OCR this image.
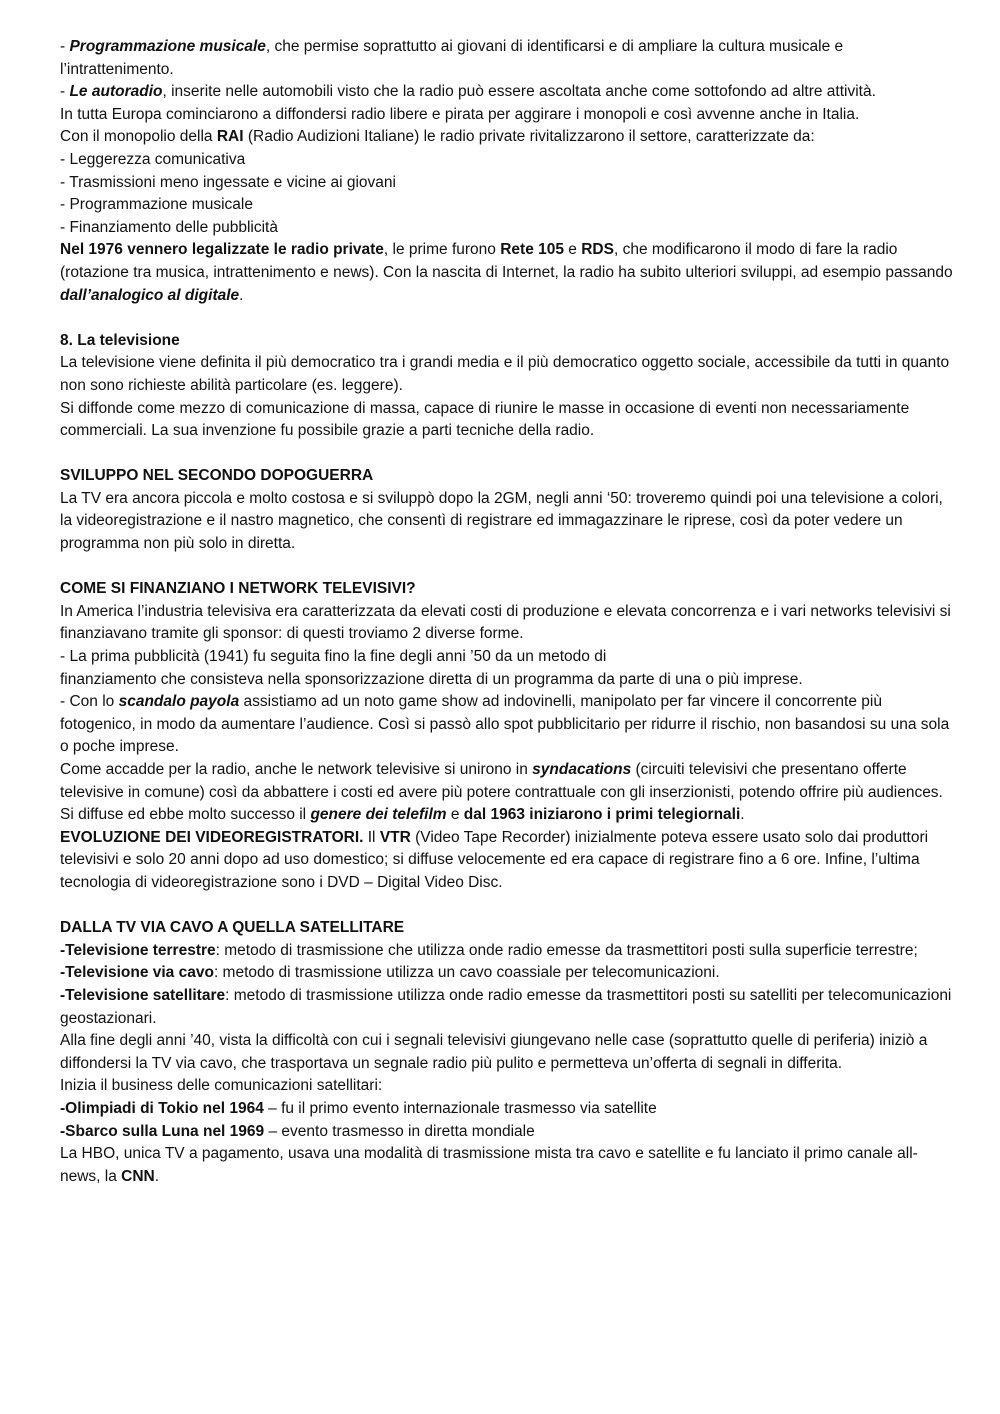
- Programmazione musicale, che permise soprattutto ai giovani di identificarsi e di ampliare la cultura musicale e l’intrattenimento.

- Le autoradio, inserite nelle automobili visto che la radio può essere ascoltata anche come sottofondo ad altre attività.

In tutta Europa cominciarono a diffondersi radio libere e pirata per aggirare i monopoli e così avvenne anche in Italia.

Con il monopolio della RAI (Radio Audizioni Italiane) le radio private rivitalizzarono il settore, caratterizzate da:

- Leggerezza comunicativa

- Trasmissioni meno ingessate e vicine ai giovani

- Programmazione musicale

- Finanziamento delle pubblicità

Nel 1976 vennero legalizzate le radio private, le prime furono Rete 105 e RDS, che modificarono il modo di fare la radio (rotazione tra musica, intrattenimento e news). Con la nascita di Internet, la radio ha subito ulteriori sviluppi, ad esempio passando dall’analogico al digitale.

8. La televisione

La televisione viene definita il più democratico tra i grandi media e il più democratico oggetto sociale, accessibile da tutti in quanto non sono richieste abilità particolare (es. leggere).

Si diffonde come mezzo di comunicazione di massa, capace di riunire le masse in occasione di eventi non necessariamente commerciali. La sua invenzione fu possibile grazie a parti tecniche della radio.

SVILUPPO NEL SECONDO DOPOGUERRA

La TV era ancora piccola e molto costosa e si sviluppò dopo la 2GM, negli anni ‘50: troveremo quindi poi una televisione a colori, la videoregistrazione e il nastro magnetico, che consentì di registrare ed immagazzinare le riprese, così da poter vedere un programma non più solo in diretta.

COME SI FINANZIANO I NETWORK TELEVISIVI?

In America l’industria televisiva era caratterizzata da elevati costi di produzione e elevata concorrenza e i vari networks televisivi si finanziavano tramite gli sponsor: di questi troviamo 2 diverse forme.

- La prima pubblicità (1941) fu seguita fino la fine degli anni ’50 da un metodo di

finanziamento che consisteva nella sponsorizzazione diretta di un programma da parte di una o più imprese.

- Con lo scandalo payola assistiamo ad un noto game show ad indovinelli, manipolato per far vincere il concorrente più fotogenico, in modo da aumentare l’audience. Così si passò allo spot pubblicitario per ridurre il rischio, non basandosi su una sola o poche imprese.

Come accadde per la radio, anche le network televisive si unirono in syndacations (circuiti televisivi che presentano offerte televisive in comune) così da abbattere i costi ed avere più potere contrattuale con gli inserzionisti, potendo offrire più audiences.

Si diffuse ed ebbe molto successo il genere dei telefilm e dal 1963 iniziarono i primi telegiornali.

EVOLUZIONE DEI VIDEOREGISTRATORI. Il VTR (Video Tape Recorder) inizialmente poteva essere usato solo dai produttori televisivi e solo 20 anni dopo ad uso domestico; si diffuse velocemente ed era capace di registrare fino a 6 ore. Infine, l’ultima tecnologia di videoregistrazione sono i DVD – Digital Video Disc.

DALLA TV VIA CAVO A QUELLA SATELLITARE

-Televisione terrestre: metodo di trasmissione che utilizza onde radio emesse da trasmettitori posti sulla superficie terrestre;

-Televisione via cavo: metodo di trasmissione utilizza un cavo coassiale per telecomunicazioni.

-Televisione satellitare: metodo di trasmissione utilizza onde radio emesse da trasmettitori posti su satelliti per telecomunicazioni geostazionari.

Alla fine degli anni ’40, vista la difficoltà con cui i segnali televisivi giungevano nelle case (soprattutto quelle di periferia) iniziò a diffondersi la TV via cavo, che trasportava un segnale radio più pulito e permetteva un’offerta di segnali in differita.

Inizia il business delle comunicazioni satellitari:

-Olimpiadi di Tokio nel 1964 – fu il primo evento internazionale trasmesso via satellite

-Sbarco sulla Luna nel 1969 – evento trasmesso in diretta mondiale

La HBO, unica TV a pagamento, usava una modalità di trasmissione mista tra cavo e satellite e fu lanciato il primo canale all-news, la CNN.
